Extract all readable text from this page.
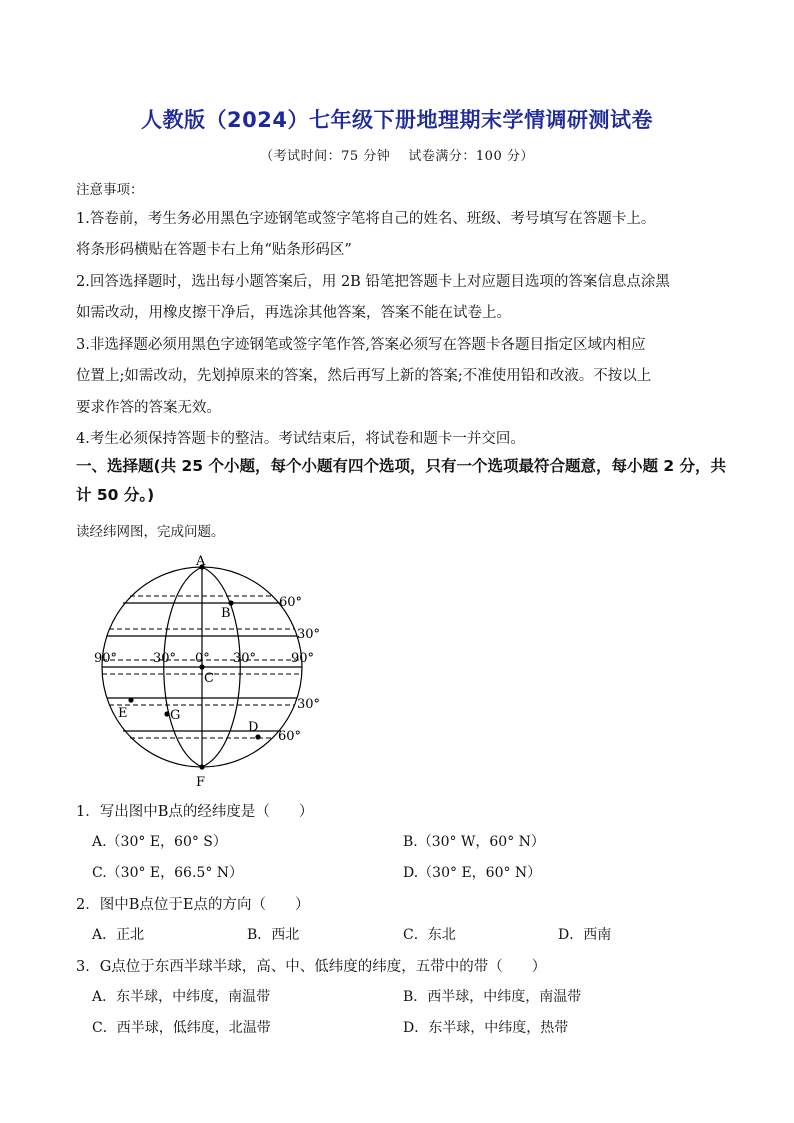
人教版（2024）七年级下册地理期末学情调研测试卷
（考试时间：75 分钟　 试卷满分：100 分）
注意事项：
1.答卷前，考生务必用黑色字迹钢笔或签字笔将自己的姓名、班级、考号填写在答题卡上。
将条形码横贴在答题卡右上角“贴条形码区”
2.回答选择题时，选出每小题答案后，用 2B 铅笔把答题卡上对应题目选项的答案信息点涂黑
如需改动，用橡皮擦干净后，再选涂其他答案，答案不能在试卷上。
3.非选择题必须用黑色字迹钢笔或签字笔作答,答案必须写在答题卡各题目指定区域内相应
位置上;如需改动，先划掉原来的答案，然后再写上新的答案;不准使用铅和改液。不按以上
要求作答的答案无效。
4.考生必须保持答题卡的整洁。考试结束后，将试卷和题卡一并交回。
一、选择题(共 25 个小题，每个小题有四个选项，只有一个选项最符合题意，每小题 2 分，共计 50 分。)
读经纬网图，完成问题。
A
B
C
D
E
F
G
60°
30°
30°
60°
90°	30° 0° 30°	90°
1．写出图中B点的经纬度是（　　）
A.（30° E，60° S）	B.（30° W，60° N）
C.（30° E，66.5° N）	D.（30° E，60° N）
2．图中B点位于E点的方向（　　）
A．正北	B．西北	C．东北	D．西南
3．G点位于东西半球半球，高、中、低纬度的纬度，五带中的带（　　）
A．东半球，中纬度，南温带	B．西半球，中纬度，南温带
C．西半球，低纬度，北温带	D．东半球，中纬度，热带
